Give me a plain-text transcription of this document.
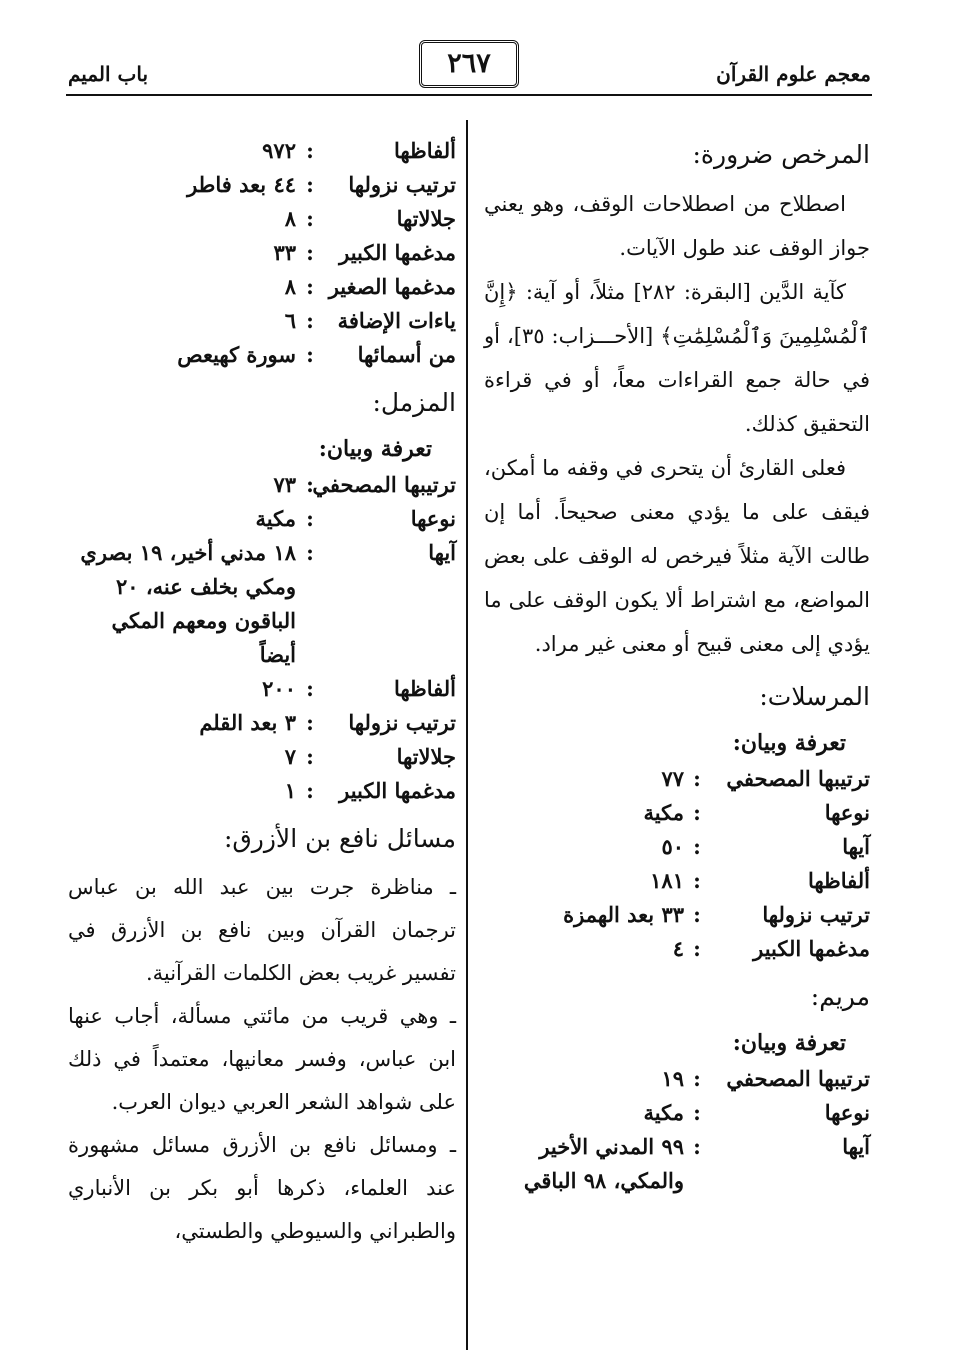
معجم علوم القرآن
٢٦٧
باب الميم
المرخص ضرورة:

اصطلاح من اصطلاحات الوقف، وهو يعني جواز الوقف عند طول الآيات.

كآية الدَّين [البقرة: ٢٨٢] مثلاً، أو آية: ﴿إِنَّ ٱلْمُسْلِمِينَ وَٱلْمُسْلِمَٰتِ﴾ [الأحـــزاب: ٣٥]، أو في حالة جمع القراءات معاً، أو في قراءة التحقيق كذلك.

فعلى القارئ أن يتحرى في وقفه ما أمكن، فيقف على ما يؤدي معنى صحيحاً. أما إن طالت الآية مثلاً فيرخص له الوقف على بعض المواضع، مع اشتراط ألا يكون الوقف على ما يؤدي إلى معنى قبيح أو معنى غير مراد.

المرسلات:
تعرفة وبيان:
ترتيبها المصحفي
:
٧٧
نوعها
:
مكية
آيها
:
٥٠
ألفاظها
:
١٨١
ترتيب نزولها
:
٣٣ بعد الهمزة
مدغمها الكبير
:
٤
مريم:
تعرفة وبيان:
ترتيبها المصحفي
:
١٩
نوعها
:
مكية
آيها
:
٩٩ المدني الأخير والمكي، ٩٨ الباقي
ألفاظها
:
٩٧٢
ترتيب نزولها
:
٤٤ بعد فاطر
جلالاتها
:
٨
مدغمها الكبير
:
٣٣
مدغمها الصغير
:
٨
ياءات الإضافة
:
٦
من أسمائها
:
سورة كهيعص
المزمل:
تعرفة وبيان:
ترتيبها المصحفي
:
٧٣
نوعها
:
مكية
آيها
:
١٨ مدني أخير، ١٩ بصري ومكي بخلف عنه، ٢٠ الباقون ومعهم المكي أيضاً
ألفاظها
:
٢٠٠
ترتيب نزولها
:
٣ بعد القلم
جلالاتها
:
٧
مدغمها الكبير
:
١
مسائل نافع بن الأزرق:

ـ مناظرة جرت بين عبد الله بن عباس ترجمان القرآن وبين نافع بن الأزرق في تفسير غريب بعض الكلمات القرآنية.

ـ وهي قريب من مائتي مسألة، أجاب عنها ابن عباس، وفسر معانيها، معتمداً في ذلك على شواهد الشعر العربي ديوان العرب.

ـ ومسائل نافع بن الأزرق مسائل مشهورة عند العلماء، ذكرها أبو بكر بن الأنباري والطبراني والسيوطي والطستي،
